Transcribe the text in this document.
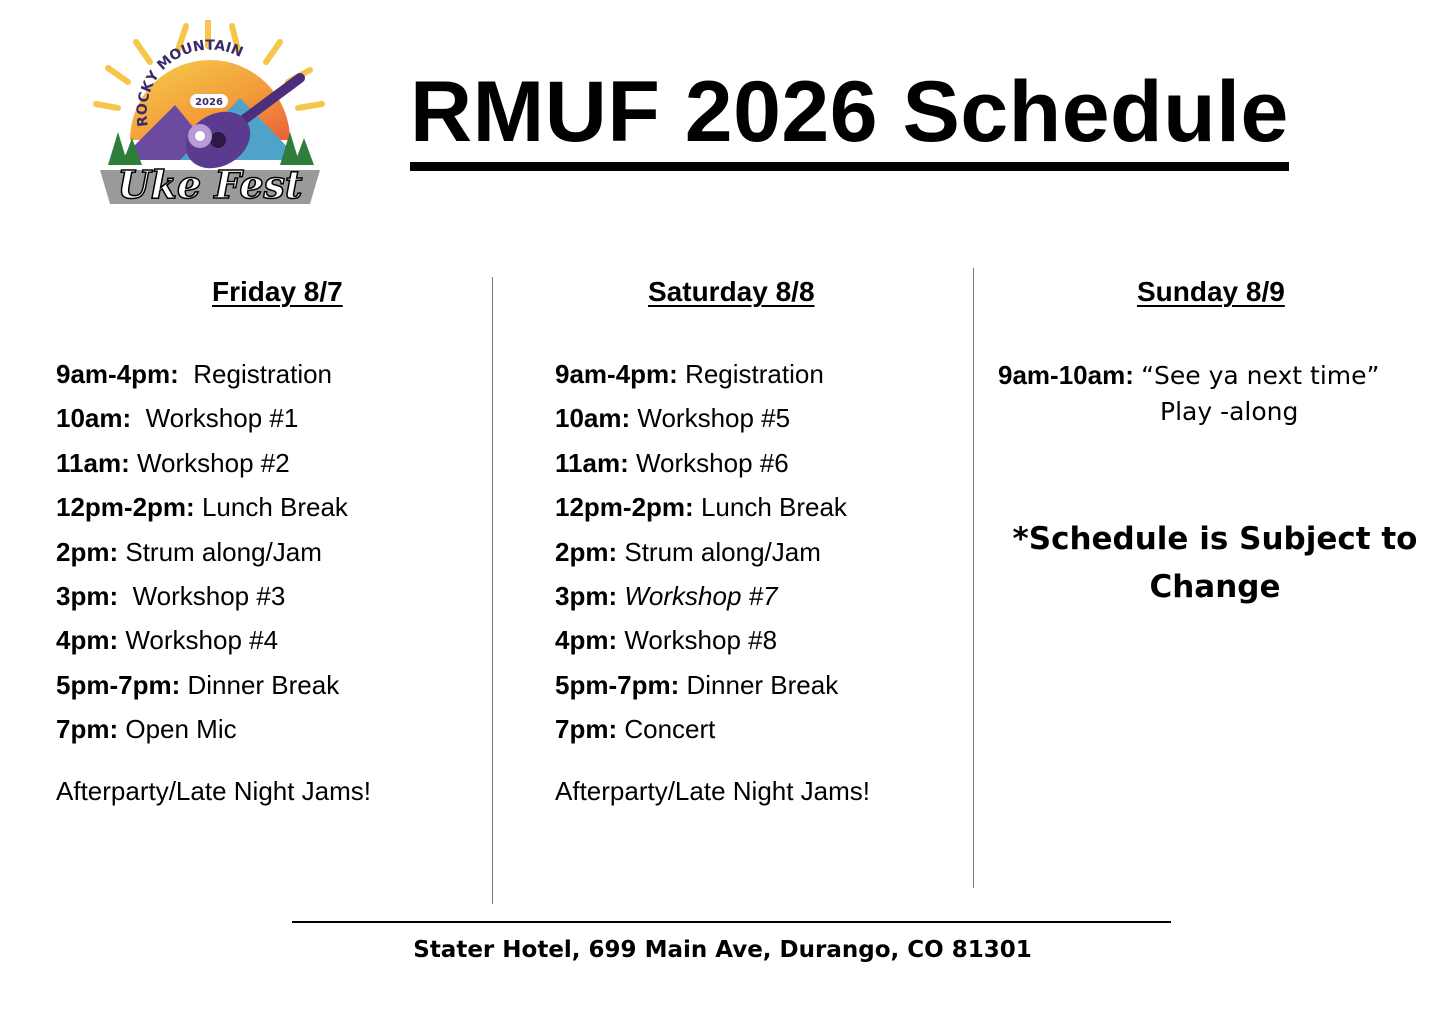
ROCKY MOUNTAIN
2026
Uke Fest
RMUF 2026 Schedule
Friday 8/7
9am-4pm: Registration
10am: Workshop #1
11am: Workshop #2
12pm-2pm: Lunch Break
2pm: Strum along/Jam
3pm: Workshop #3
4pm: Workshop #4
5pm-7pm: Dinner Break
7pm: Open Mic
Afterparty/Late Night Jams!
Saturday 8/8
9am-4pm: Registration
10am: Workshop #5
11am: Workshop #6
12pm-2pm: Lunch Break
2pm: Strum along/Jam
3pm: Workshop #7
4pm: Workshop #8
5pm-7pm: Dinner Break
7pm: Concert
Afterparty/Late Night Jams!
Sunday 8/9
9am-10am: “See ya next time”
Play -along
*Schedule is Subject to
Change
Stater Hotel, 699 Main Ave, Durango, CO 81301
